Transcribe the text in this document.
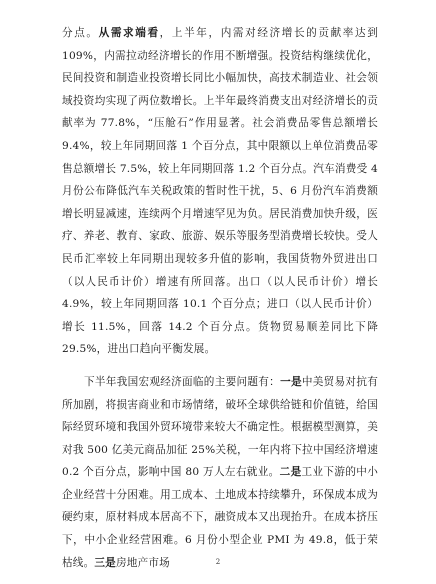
分点。从需求端看，上半年，内需对经济增长的贡献率达到 109%，内需拉动经济增长的作用不断增强。投资结构继续优化，民间投资和制造业投资增长同比小幅加快，高技术制造业、社会领域投资均实现了两位数增长。上半年最终消费支出对经济增长的贡献率为 77.8%，“压舱石”作用显著。社会消费品零售总额增长 9.4%，较上年同期回落 1 个百分点，其中限额以上单位消费品零售总额增长 7.5%，较上年同期回落 1.2 个百分点。汽车消费受 4 月份公布降低汽车关税政策的暂时性干扰，5、6 月份汽车消费额增长明显减速，连续两个月增速罕见为负。居民消费加快升级，医疗、养老、教育、家政、旅游、娱乐等服务型消费增长较快。受人民币汇率较上年同期出现较多升值的影响，我国货物外贸进出口（以人民币计价）增速有所回落。出口（以人民币计价）增长 4.9%，较上年同期回落 10.1 个百分点；进口（以人民币计价）增长 11.5%，回落 14.2 个百分点。货物贸易顺差同比下降 29.5%，进出口趋向平衡发展。

下半年我国宏观经济面临的主要问题有：一是中美贸易对抗有所加剧，将损害商业和市场情绪，破坏全球供给链和价值链，给国际经贸环境和我国外贸环境带来较大不确定性。根据模型测算，美对我 500 亿美元商品加征 25%关税，一年内将下拉中国经济增速 0.2 个百分点，影响中国 80 万人左右就业。二是工业下游的中小企业经营十分困难。用工成本、土地成本持续攀升，环保成本成为硬约束，原材料成本居高不下，融资成本又出现抬升。在成本挤压下，中小企业经营困难。6 月份小型企业 PMI 为 49.8，低于荣枯线。三是房地产市场	2
